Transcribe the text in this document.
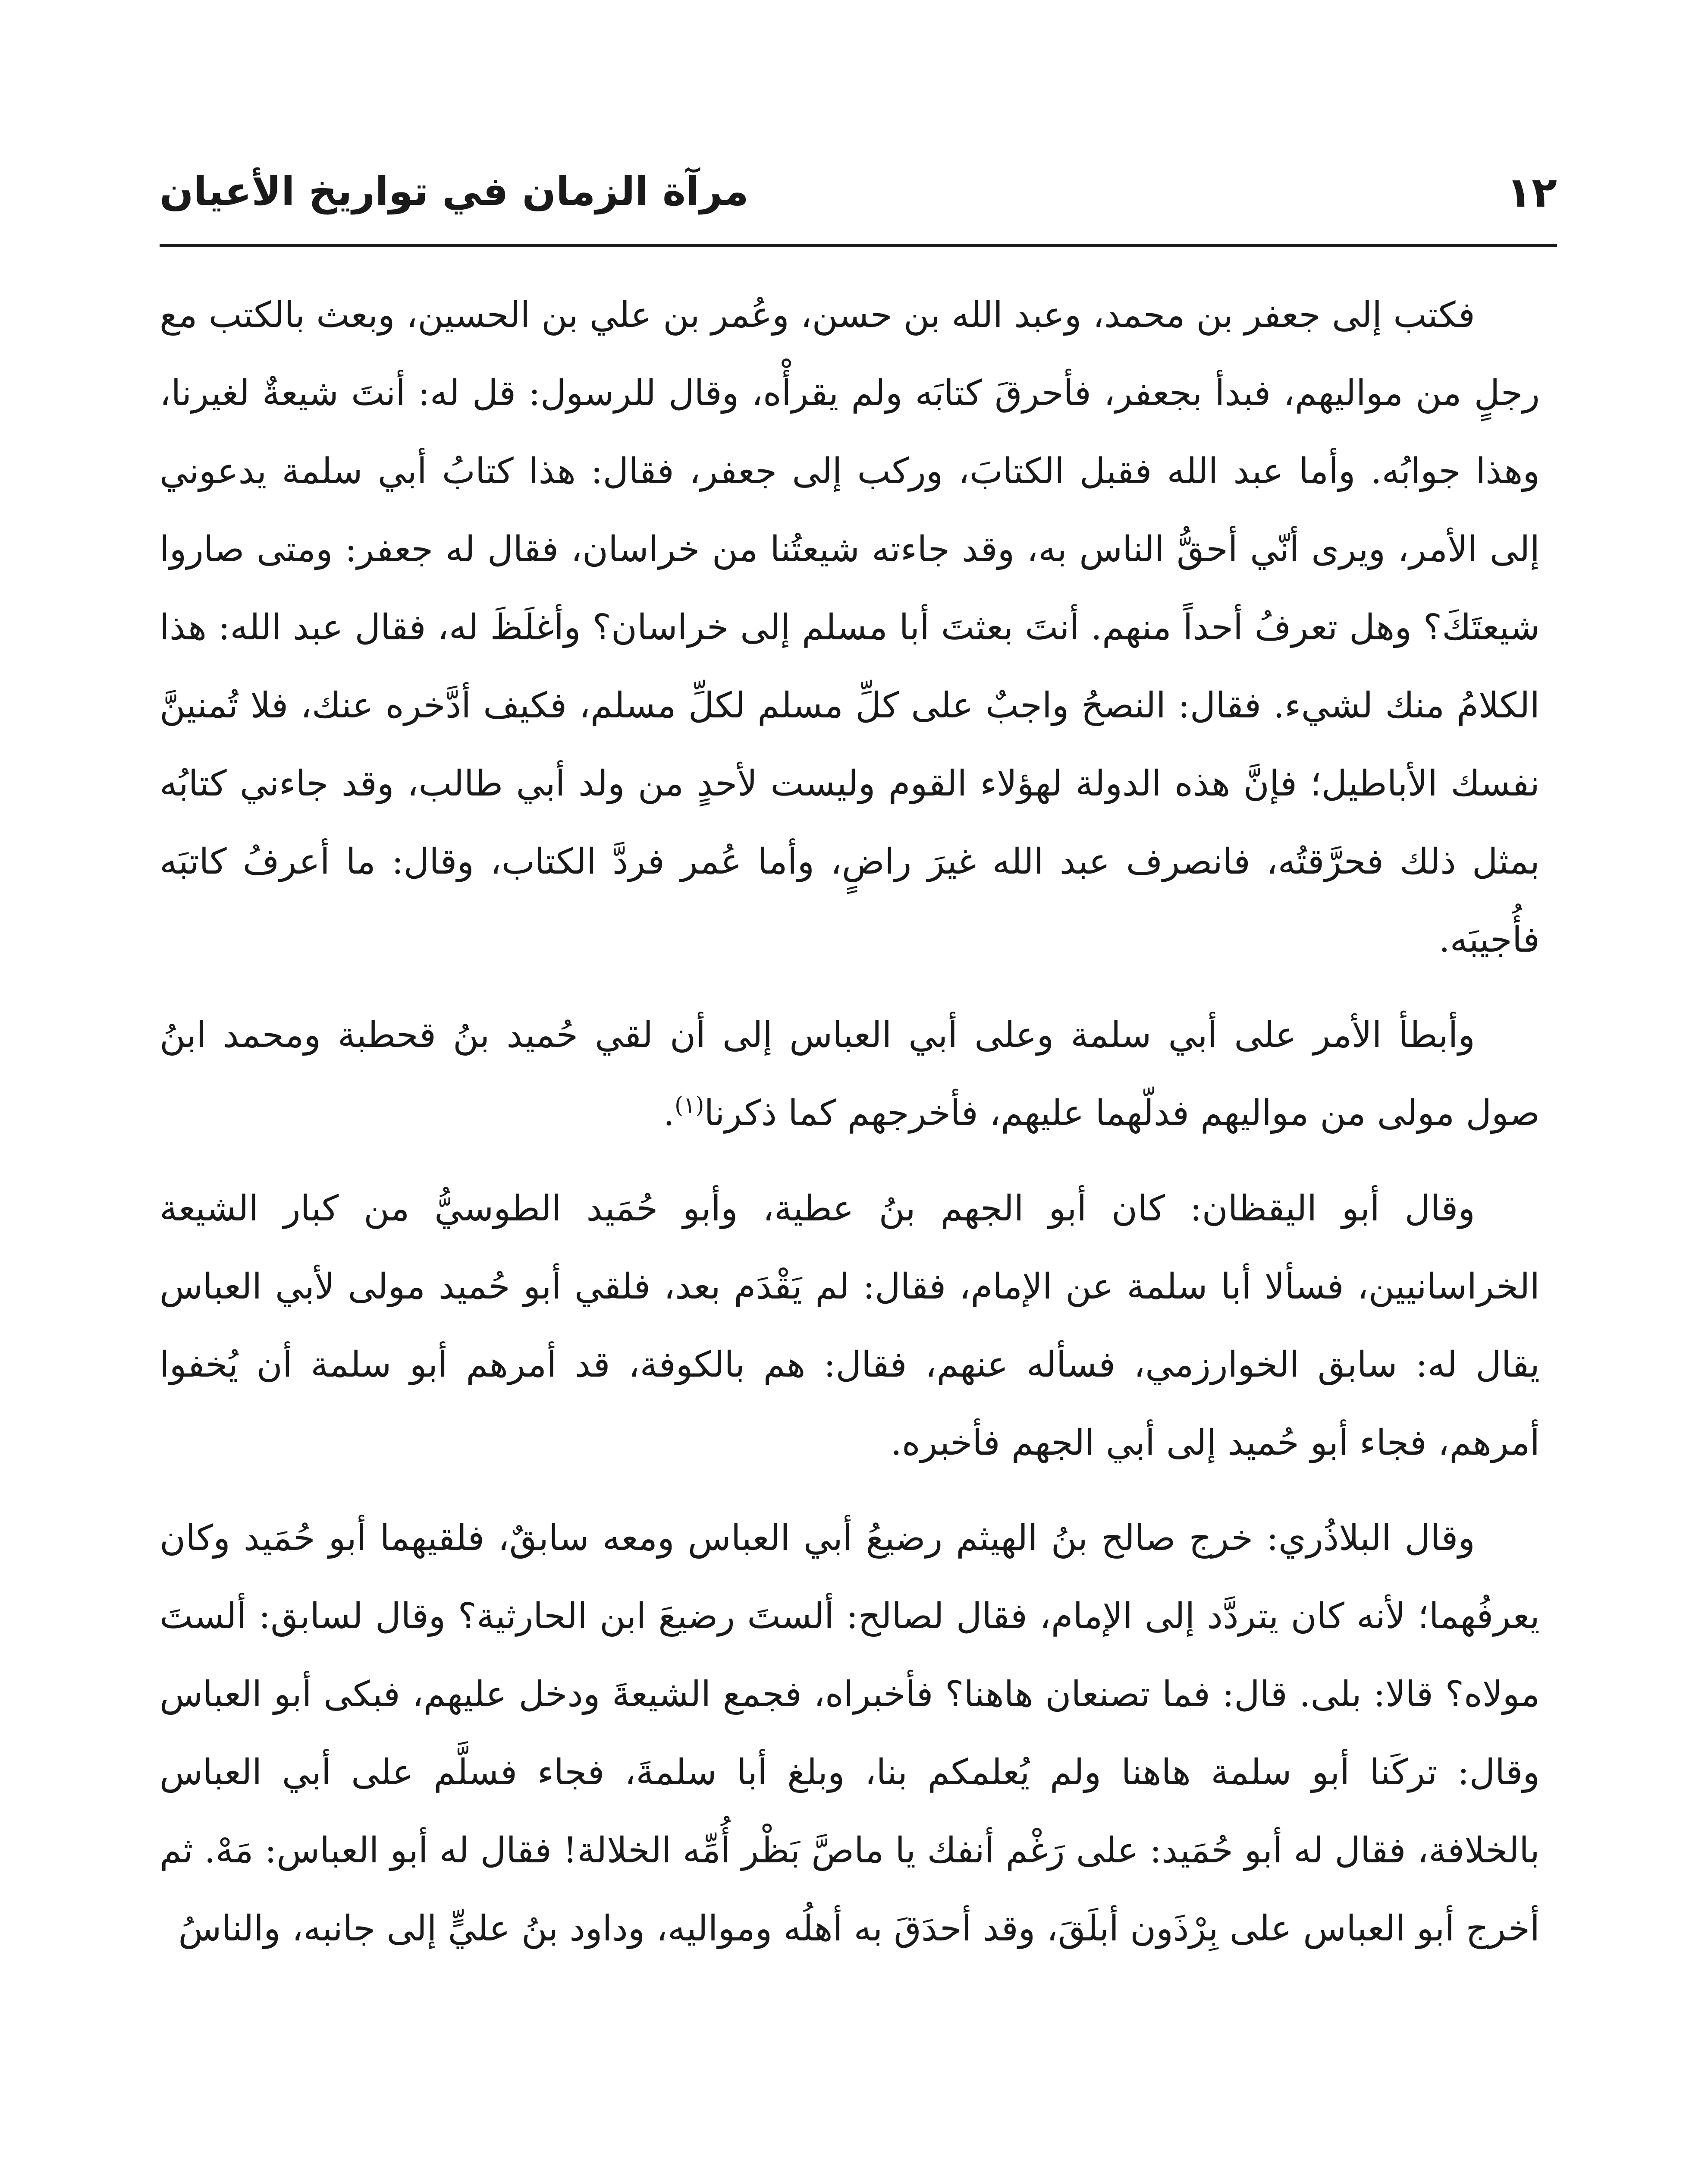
١٢
مرآة الزمان في تواريخ الأعيان

فكتب إلى جعفر بن محمد، وعبد الله بن حسن، وعُمر بن علي بن الحسين، وبعث بالكتب مع رجلٍ من مواليهم، فبدأ بجعفر، فأحرقَ كتابَه ولم يقرأْه، وقال للرسول: قل له: أنتَ شيعةٌ لغيرنا، وهذا جوابُه. وأما عبد الله فقبل الكتابَ، وركب إلى جعفر، فقال: هذا كتابُ أبي سلمة يدعوني إلى الأمر، ويرى أنّي أحقُّ الناس به، وقد جاءته شيعتُنا من خراسان، فقال له جعفر: ومتى صاروا شيعتَكَ؟ وهل تعرفُ أحداً منهم. أنتَ بعثتَ أبا مسلم إلى خراسان؟ وأغلَظَ له، فقال عبد الله: هذا الكلامُ منك لشيء. فقال: النصحُ واجبٌ على كلِّ مسلم لكلِّ مسلم، فكيف أدَّخره عنك، فلا تُمنينَّ نفسك الأباطيل؛ فإنَّ هذه الدولة لهؤلاء القوم وليست لأحدٍ من ولد أبي طالب، وقد جاءني كتابُه بمثل ذلك فحرَّقتُه، فانصرف عبد الله غيرَ راضٍ، وأما عُمر فردَّ الكتاب، وقال: ما أعرفُ كاتبَه فأُجيبَه.

وأبطأ الأمر على أبي سلمة وعلى أبي العباس إلى أن لقي حُميد بنُ قحطبة ومحمد ابنُ صول مولى من مواليهم فدلّهما عليهم، فأخرجهم كما ذكرنا$^{(١)}$.

وقال أبو اليقظان: كان أبو الجهم بنُ عطية، وأبو حُمَيد الطوسيُّ من كبار الشيعة الخراسانيين، فسألا أبا سلمة عن الإمام، فقال: لم يَقْدَم بعد، فلقي أبو حُميد مولى لأبي العباس يقال له: سابق الخوارزمي، فسأله عنهم، فقال: هم بالكوفة، قد أمرهم أبو سلمة أن يُخفوا أمرهم، فجاء أبو حُميد إلى أبي الجهم فأخبره.

وقال البلاذُري: خرج صالح بنُ الهيثم رضيعُ أبي العباس ومعه سابقٌ، فلقيهما أبو حُمَيد وكان يعرفُهما؛ لأنه كان يتردَّد إلى الإمام، فقال لصالح: ألستَ رضيعَ ابن الحارثية؟ وقال لسابق: ألستَ مولاه؟ قالا: بلى. قال: فما تصنعان هاهنا؟ فأخبراه، فجمع الشيعةَ ودخل عليهم، فبكى أبو العباس وقال: تركَنا أبو سلمة هاهنا ولم يُعلمكم بنا، وبلغ أبا سلمةَ، فجاء فسلَّم على أبي العباس بالخلافة، فقال له أبو حُمَيد: على رَغْم أنفك يا ماصَّ بَظْر أُمِّه الخلالة! فقال له أبو العباس: مَهْ. ثم أخرج أبو العباس على بِرْذَون أبلَقَ، وقد أحدَقَ به أهلُه ومواليه، وداود بنُ عليٍّ إلى جانبه، والناسُ
